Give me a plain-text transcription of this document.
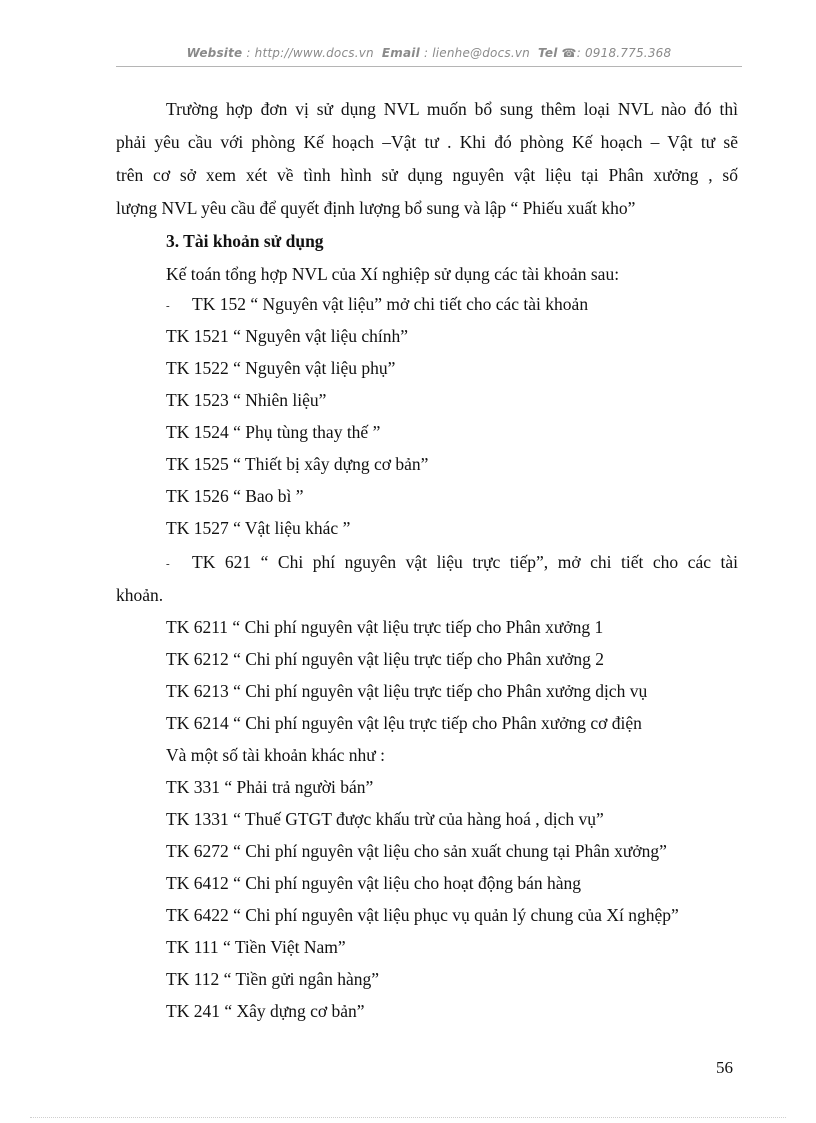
Website : http://www.docs.vn Email : lienhe@docs.vn Tel ☎: 0918.775.368
Trường hợp đơn vị sử dụng NVL muốn bổ sung thêm loại NVL nào đó thì
phải yêu cầu với phòng Kế hoạch –Vật tư . Khi đó phòng Kế hoạch – Vật tư sẽ
trên cơ sở xem xét về tình hình sử dụng nguyên vật liệu tại Phân xưởng , số
lượng NVL yêu cầu để quyết định lượng bổ sung và lập “ Phiếu xuất kho”
3. Tài khoản sử dụng
Kế toán tổng hợp NVL của Xí nghiệp sử dụng các tài khoản sau:
- TK 152 “ Nguyên vật liệu” mở chi tiết cho các tài khoản
TK 1521 “ Nguyên vật liệu chính”
TK 1522 “ Nguyên vật liệu phụ”
TK 1523 “ Nhiên liệu”
TK 1524 “ Phụ tùng thay thế ”
TK 1525 “ Thiết bị xây dựng cơ bản”
TK 1526 “ Bao bì ”
TK 1527 “ Vật liệu khác ”
- TK 621 “ Chi phí nguyên vật liệu trực tiếp”, mở chi tiết cho các tài
khoản.
TK 6211 “ Chi phí nguyên vật liệu trực tiếp cho Phân xưởng 1
TK 6212 “ Chi phí nguyên vật liệu trực tiếp cho Phân xưởng 2
TK 6213 “ Chi phí nguyên vật liệu trực tiếp cho Phân xưởng dịch vụ
TK 6214 “ Chi phí nguyên vật lệu trực tiếp cho Phân xưởng cơ điện
Và một số tài khoản khác như :
TK 331 “ Phải trả người bán”
TK 1331 “ Thuế GTGT được khấu trừ của hàng hoá , dịch vụ”
TK 6272 “ Chi phí nguyên vật liệu cho sản xuất chung tại Phân xưởng”
TK 6412 “ Chi phí nguyên vật liệu cho hoạt động bán hàng
TK 6422 “ Chi phí nguyên vật liệu phục vụ quản lý chung của Xí nghệp”
TK 111 “ Tiền Việt Nam”
TK 112 “ Tiền gửi ngân hàng”
TK 241 “ Xây dựng cơ bản”
56
